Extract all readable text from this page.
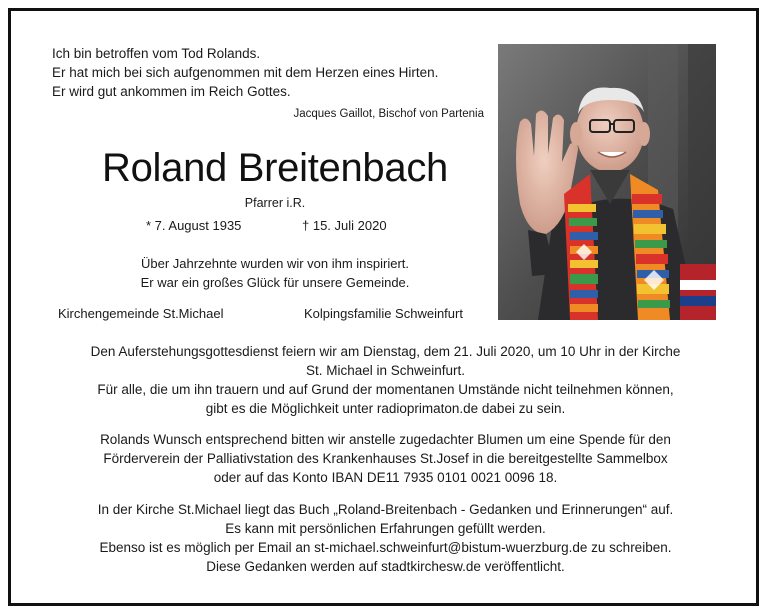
Ich bin betroffen vom Tod Rolands.
Er hat mich bei sich aufgenommen mit dem Herzen eines Hirten.
Er wird gut ankommen im Reich Gottes.
Jacques Gaillot, Bischof von Partenia
Roland Breitenbach
Pfarrer i.R.
* 7. August 1935	† 15. Juli 2020
Über Jahrzehnte wurden wir von ihm inspiriert.
Er war ein großes Glück für unsere Gemeinde.
Kirchengemeinde St.Michael	Kolpingsfamilie Schweinfurt
Den Auferstehungsgottesdienst feiern wir am Dienstag, dem 21. Juli 2020, um 10 Uhr in der Kirche
St. Michael in Schweinfurt.
Für alle, die um ihn trauern und auf Grund der momentanen Umstände nicht teilnehmen können,
gibt es die Möglichkeit unter radioprimaton.de dabei zu sein.
Rolands Wunsch entsprechend bitten wir anstelle zugedachter Blumen um eine Spende für den
Förderverein der Palliativstation des Krankenhauses St.Josef in die bereitgestellte Sammelbox
oder auf das Konto IBAN DE11 7935 0101 0021 0096 18.
In der Kirche St.Michael liegt das Buch „Roland-Breitenbach - Gedanken und Erinnerungen“ auf.
Es kann mit persönlichen Erfahrungen gefüllt werden.
Ebenso ist es möglich per Email an st-michael.schweinfurt@bistum-wuerzburg.de zu schreiben.
Diese Gedanken werden auf stadtkirchesw.de veröffentlicht.
